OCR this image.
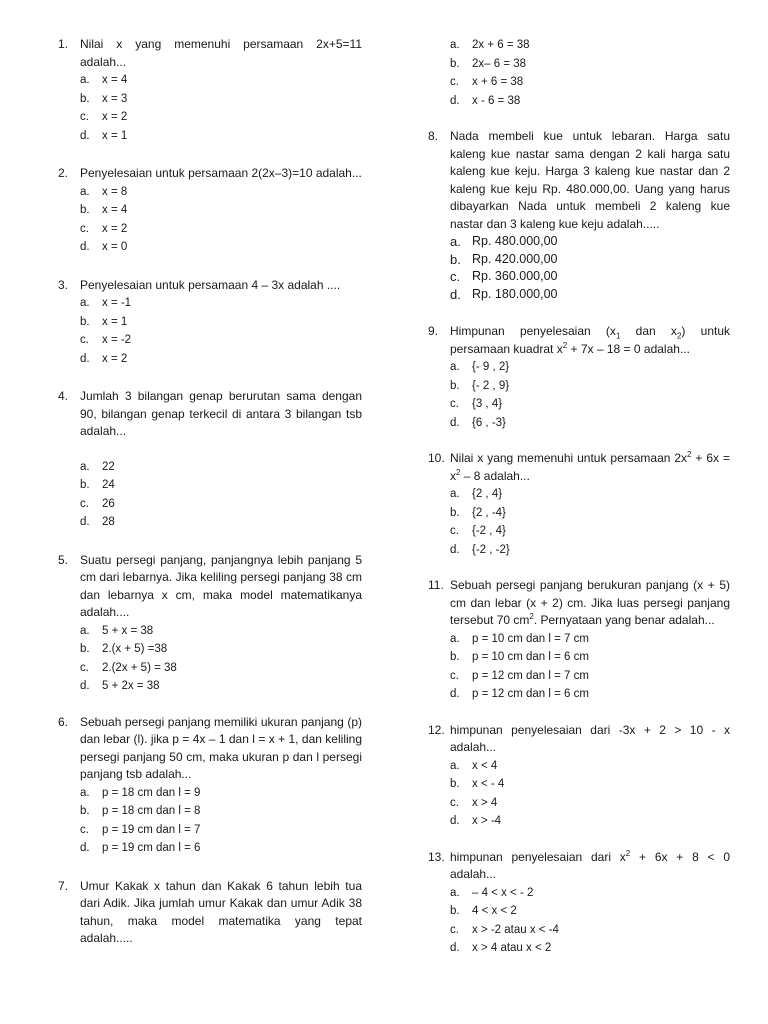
1. Nilai x yang memenuhi persamaan 2x+5=11 adalah...
a.	x = 4
b.	x = 3
c.	x = 2
d.	x = 1
2. Penyelesaian untuk persamaan 2(2x–3)=10 adalah...
a.	x = 8
b.	x = 4
c.	x = 2
d.	x = 0
3. Penyelesaian untuk persamaan 4 – 3x adalah ....
a.	x = -1
b.	x = 1
c.	x = -2
d.	x = 2
4. Jumlah 3 bilangan genap berurutan sama dengan 90, bilangan genap terkecil di antara 3 bilangan tsb adalah...
a.	22
b.	24
c.	26
d.	28
5. Suatu persegi panjang, panjangnya lebih panjang 5 cm dari lebarnya. Jika keliling persegi panjang 38 cm dan lebarnya x cm, maka model matematikanya adalah....
a.	5 + x = 38
b.	2.(x + 5) =38
c.	2.(2x + 5) = 38
d.	5 + 2x = 38
6. Sebuah persegi panjang memiliki ukuran panjang (p) dan lebar (l). jika p = 4x – 1 dan l = x + 1, dan keliling persegi panjang 50 cm, maka ukuran p dan l persegi panjang tsb adalah...
a.	p = 18 cm dan l = 9
b.	p = 18 cm dan l = 8
c.	p = 19 cm dan l = 7
d.	p = 19 cm dan l = 6
7. Umur Kakak x tahun dan Kakak 6 tahun lebih tua dari Adik. Jika jumlah umur Kakak dan umur Adik 38 tahun, maka model matematika yang tepat adalah.....
a.	2x + 6 = 38
b.	2x– 6 = 38
c.	x + 6 = 38
d.	x - 6 = 38
8. Nada membeli kue untuk lebaran. Harga satu kaleng kue nastar sama dengan 2 kali harga satu kaleng kue keju. Harga 3 kaleng kue nastar dan 2 kaleng kue keju Rp. 480.000,00. Uang yang harus dibayarkan Nada untuk membeli 2 kaleng kue nastar dan 3 kaleng kue keju adalah.....
a. Rp. 480.000,00
b. Rp. 420.000,00
c. Rp. 360.000,00
d. Rp. 180.000,00
9. Himpunan penyelesaian ($x_1$ dan $x_2$) untuk persamaan kuadrat $x^2 + 7x - 18 = 0$ adalah...
a.	{- 9 , 2}
b.	{- 2 , 9}
c.	{3 , 4}
d.	{6 , -3}
10. Nilai x yang memenuhi untuk persamaan $2x^2 + 6x = x^2 - 8$ adalah...
a.	{2 , 4}
b.	{2 , -4}
c.	{-2 , 4}
d.	{-2 , -2}
11. Sebuah persegi panjang berukuran panjang (x + 5) cm dan lebar (x + 2) cm. Jika luas persegi panjang tersebut 70 $cm^2$. Pernyataan yang benar adalah...
a.	p = 10 cm dan l = 7 cm
b.	p = 10 cm dan l = 6 cm
c.	p = 12 cm dan l = 7 cm
d.	p = 12 cm dan l = 6 cm
12. himpunan penyelesaian dari -3x + 2 > 10 - x adalah...
a.	x < 4
b.	x < - 4
c.	x > 4
d.	x > -4
13. himpunan penyelesaian dari $x^2 + 6x + 8 < 0$ adalah...
a.	– 4 < x < - 2
b.	4 < x < 2
c.	x > -2 atau x < -4
d.	x > 4 atau x < 2
